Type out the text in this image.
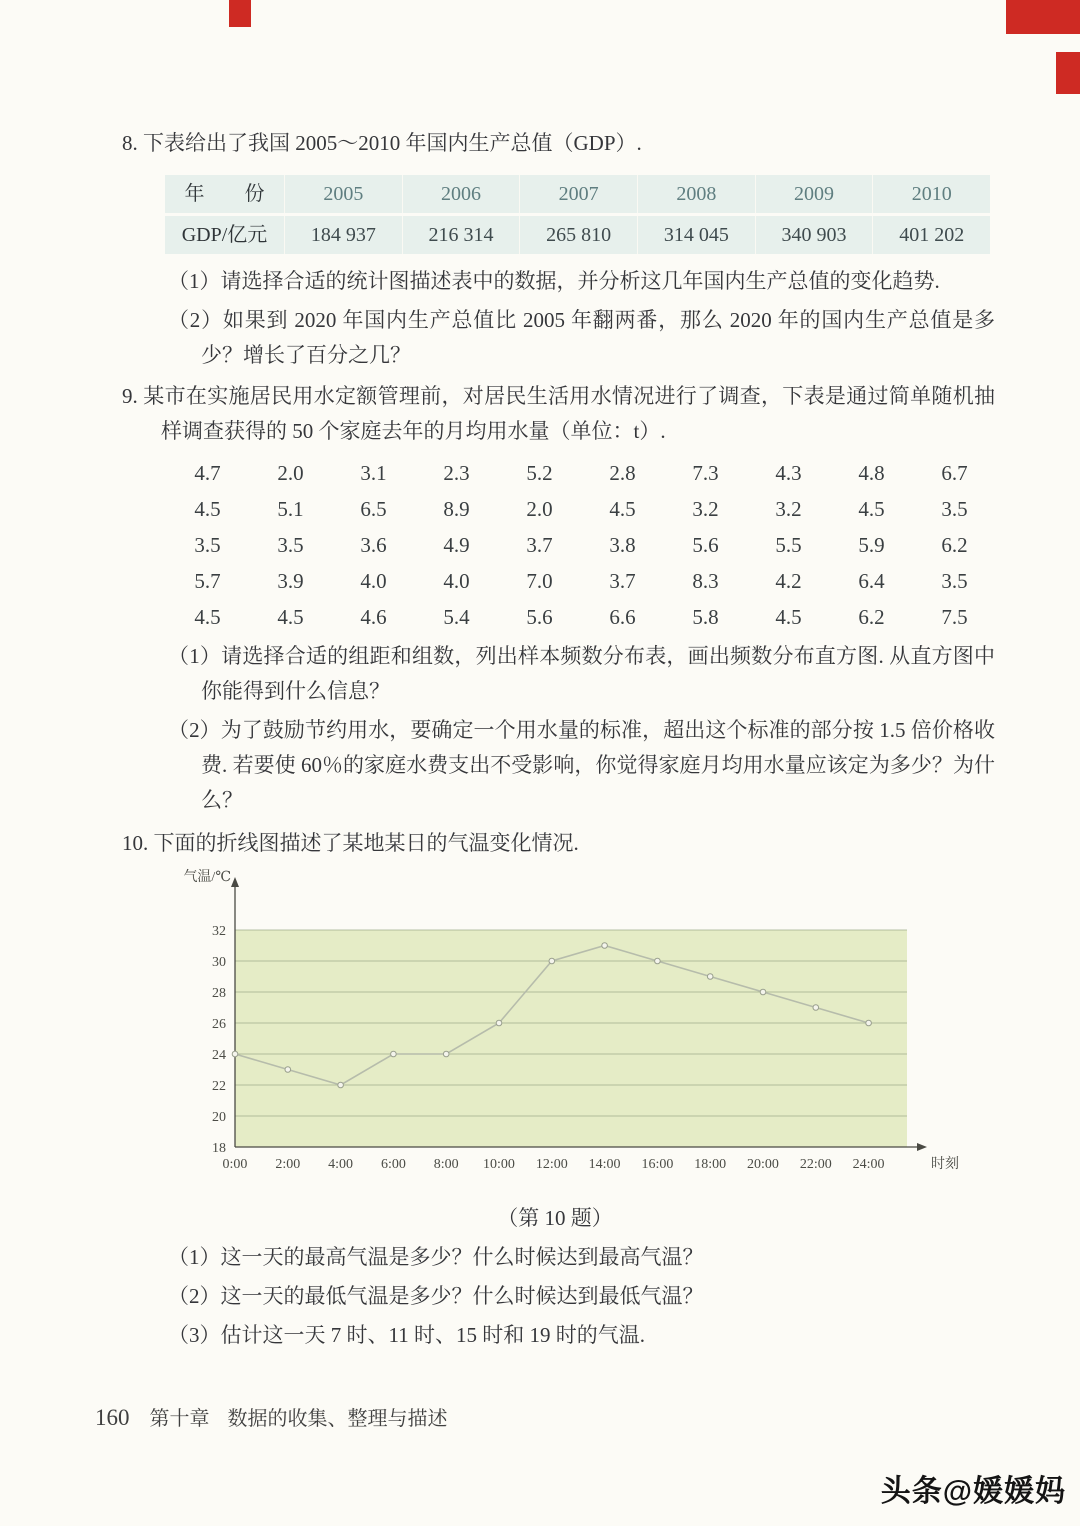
8. 下表给出了我国 2005～2010 年国内生产总值（GDP）.

年　　份	2005	2006	2007	2008	2009	2010
GDP/亿元	184 937	216 314	265 810	314 045	340 903	401 202

（1）请选择合适的统计图描述表中的数据，并分析这几年国内生产总值的变化趋势.

（2）如果到 2020 年国内生产总值比 2005 年翻两番，那么 2020 年的国内生产总值是多少？增长了百分之几？

9. 某市在实施居民用水定额管理前，对居民生活用水情况进行了调查，下表是通过简单随机抽样调查获得的 50 个家庭去年的月均用水量（单位：t）.

4.7	2.0	3.1	2.3	5.2	2.8	7.3	4.3	4.8	6.7
4.5	5.1	6.5	8.9	2.0	4.5	3.2	3.2	4.5	3.5
3.5	3.5	3.6	4.9	3.7	3.8	5.6	5.5	5.9	6.2
5.7	3.9	4.0	4.0	7.0	3.7	8.3	4.2	6.4	3.5
4.5	4.5	4.6	5.4	5.6	6.6	5.8	4.5	6.2	7.5

（1）请选择合适的组距和组数，列出样本频数分布表，画出频数分布直方图. 从直方图中你能得到什么信息？

（2）为了鼓励节约用水，要确定一个用水量的标准，超出这个标准的部分按 1.5 倍价格收费. 若要使 60％的家庭水费支出不受影响，你觉得家庭月均用水量应该定为多少？为什么？

10. 下面的折线图描述了某地某日的气温变化情况.

18
20
22
24
26
28
30
32
气温/℃
0:00 2:00 4:00 6:00 8:00 10:00 12:00 14:00 16:00 18:00 20:00 22:00 24:00	时刻

（第 10 题）

（1）这一天的最高气温是多少？什么时候达到最高气温？

（2）这一天的最低气温是多少？什么时候达到最低气温？

（3）估计这一天 7 时、11 时、15 时和 19 时的气温.

160 第十章 数据的收集、整理与描述
头条@媛媛妈
